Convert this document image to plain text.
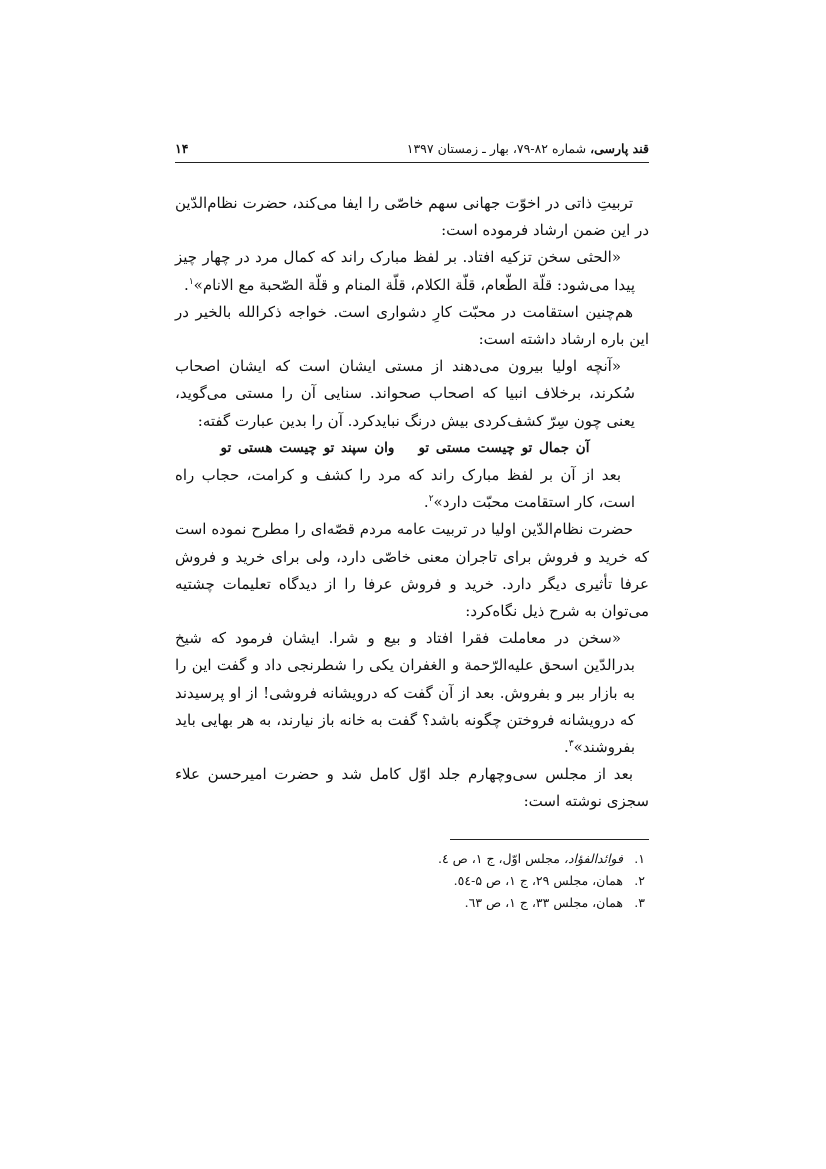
قند پارسی، شماره ۸۲-۷۹، بهار ـ زمستان ۱۳۹۷
۱۴

تربیتِ ذاتی در اخوّت جهانی سهم خاصّی را ایفا می‌کند، حضرت نظام‌الدّین در این ضمن ارشاد فرموده است:

«الحثی سخن تزکیه افتاد. بر لفظ مبارک راند که کمال مرد در چهار چیز پیدا می‌شود: قلّة الطّعام، قلّة الکلام، قلّة المنام و قلّة الصّحبة مع الانام»$^۱$.

هم‌چنین استقامت در محبّت کارِ دشواری است. خواجه ذکرالله بالخیر در این باره ارشاد داشته است:

«آنچه اولیا بیرون می‌دهند از مستی ایشان است که ایشان اصحاب سُکرند، برخلاف انبیا که اصحاب صحواند. سنایی آن را مستی می‌گوید، یعنی چون سِرّ کشف‌کردی بیش درنگ نبایدکرد. آن را بدین عبارت گفته:

آن جمال تو چیست مستی تووان سپند تو چیست هستی تو

بعد از آن بر لفظ مبارک راند که مرد را کشف و کرامت، حجاب راه است، کار استقامت محبّت دارد»$^۲$.

حضرت نظام‌الدّین اولیا در تربیت عامه مردم قصّه‌ای را مطرح نموده است که خرید و فروش برای تاجران معنی خاصّی دارد، ولی برای خرید و فروش عرفا تأثیری دیگر دارد. خرید و فروش عرفا را از دیدگاه تعلیمات چشتیه می‌توان به شرح ذیل نگاه‌کرد:

«سخن در معاملت فقرا افتاد و بیع و شرا. ایشان فرمود که شیخ بدرالدّین اسحق علیه‌الرّحمة و الغفران یکی را شطرنجی داد و گفت این را به بازار ببر و بفروش. بعد از آن گفت که درویشانه فروشی! از او پرسیدند که درویشانه فروختن چگونه باشد؟ گفت به خانه باز نیارند، به هر بهایی باید بفروشند»$^۳$.

بعد از مجلس سی‌وچهارم جلد اوّل کامل شد و حضرت امیرحسن علاء سجزی نوشته است:

۱.فوائدالفؤاد، مجلس اوّل، ج ۱، ص ٤.
۲.همان، مجلس ۲۹، ج ۱، ص ۵-٥٤.
۳.همان، مجلس ۳۳، ج ۱، ص ٦۳.
